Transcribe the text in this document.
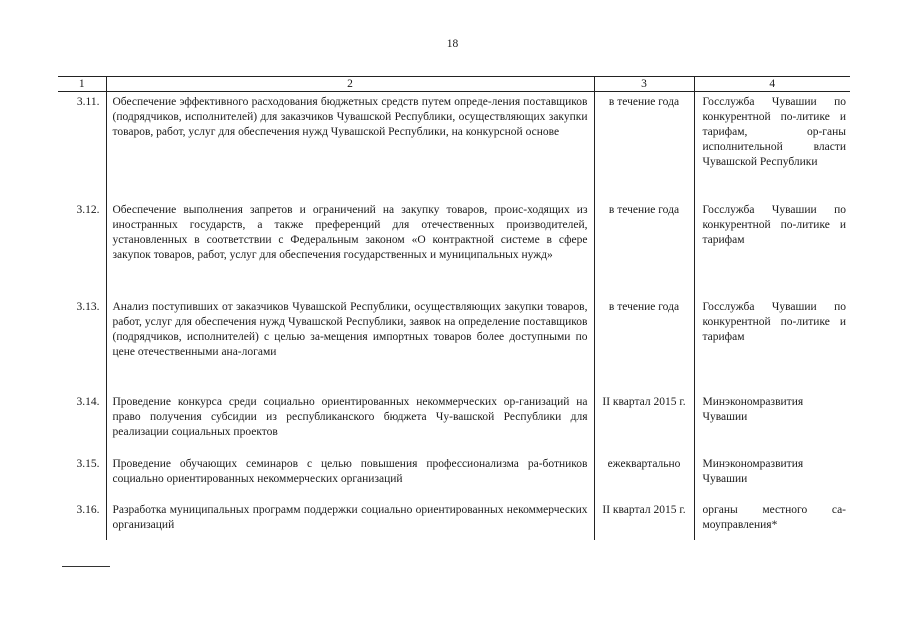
18
1	2	3	4
3.11.	Обеспечение эффективного расходования бюджетных средств путем опреде-ления поставщиков (подрядчиков, исполнителей) для заказчиков Чувашской Республики, осуществляющих закупки товаров, работ, услуг для обеспечения нужд Чувашской Республики, на конкурсной основе	в течение года	Госслужба Чувашии по конкурентной по-литике и тарифам, ор-ганы исполнительной власти Чувашской Республики
3.12.	Обеспечение выполнения запретов и ограничений на закупку товаров, проис-ходящих из иностранных государств, а также преференций для отечественных производителей, установленных в соответствии с Федеральным законом «О контрактной системе в сфере закупок товаров, работ, услуг для обеспечения государственных и муниципальных нужд»	в течение года	Госслужба Чувашии по конкурентной по-литике и тарифам
3.13.	Анализ поступивших от заказчиков Чувашской Республики, осуществляющих закупки товаров, работ, услуг для обеспечения нужд Чувашской Республики, заявок на определение поставщиков (подрядчиков, исполнителей) с целью за-мещения импортных товаров более доступными по цене отечественными ана-логами	в течение года	Госслужба Чувашии по конкурентной по-литике и тарифам
3.14.	Проведение конкурса среди социально ориентированных некоммерческих ор-ганизаций на право получения субсидии из республиканского бюджета Чу-вашской Республики для реализации социальных проектов	II квартал 2015 г.	Минэкономразвития Чувашии
3.15.	Проведение обучающих семинаров с целью повышения профессионализма ра-ботников социально ориентированных некоммерческих организаций	ежеквартально	Минэкономразвития Чувашии
3.16.	Разработка муниципальных программ поддержки социально ориентированных некоммерческих организаций	II квартал 2015 г.	органы местного са-моуправления*
